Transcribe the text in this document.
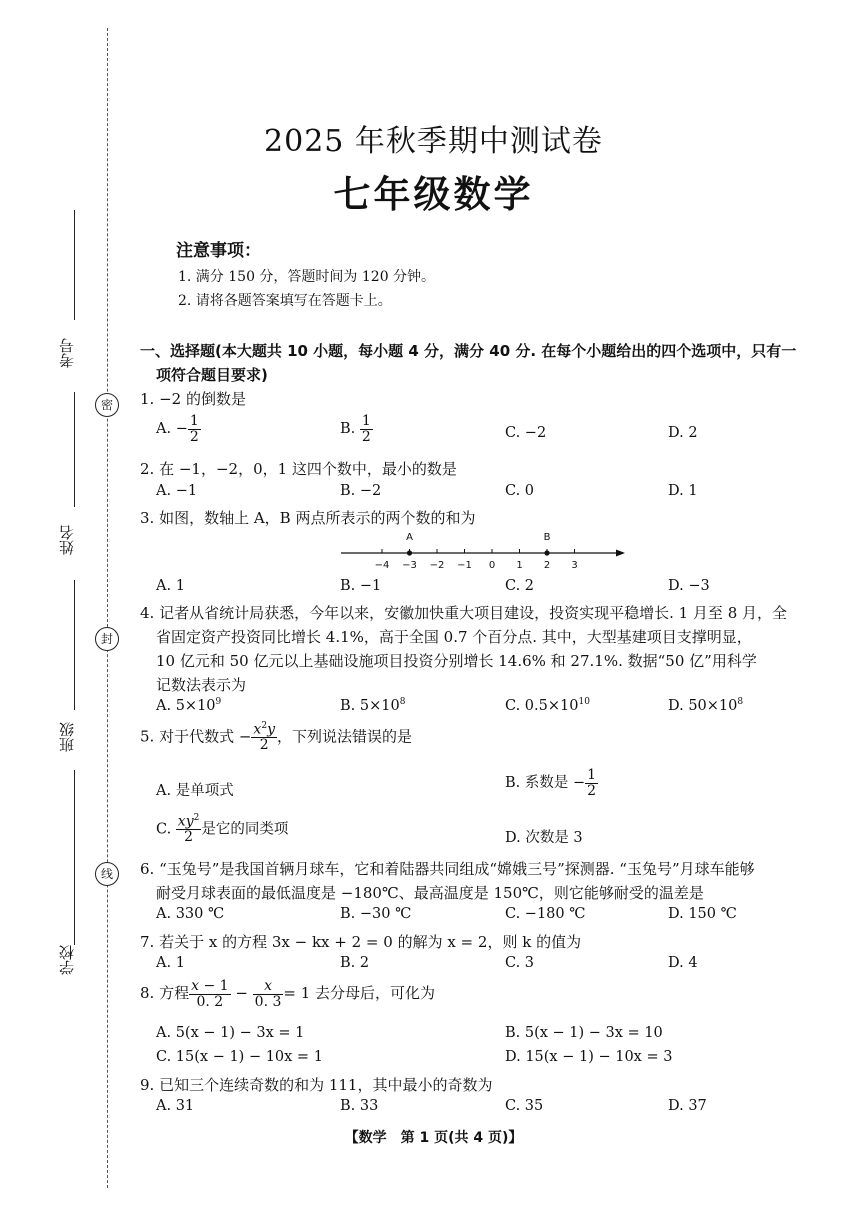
密
封
线
考号
姓名
班级
学校
2025 年秋季期中测试卷
七年级数学
注意事项：
1. 满分 150 分，答题时间为 120 分钟。
2. 请将各题答案填写在答题卡上。
一、选择题(本大题共 10 小题，每小题 4 分，满分 40 分. 在每个小题给出的四个选项中，只有一
项符合题目要求)
1. −2 的倒数是
A. − $\frac{1}{2}$	B. $\frac{1}{2}$	C. −2	D. 2
2. 在 −1，−2，0，1 这四个数中，最小的数是
A. −1	B. −2	C. 0	D. 1
3. 如图，数轴上 A，B 两点所表示的两个数的和为
−4 −3 −2 −1 0 1 2 3
A	B
A. 1	B. −1	C. 2	D. −3
4. 记者从省统计局获悉，今年以来，安徽加快重大项目建设，投资实现平稳增长. 1 月至 8 月，全
省固定资产投资同比增长 4.1%，高于全国 0.7 个百分点. 其中，大型基建项目支撑明显，
10 亿元和 50 亿元以上基础设施项目投资分别增长 14.6% 和 27.1%. 数据“50 亿”用科学
记数法表示为
A. $5\times 10^9$	B. $5\times 10^8$	C. $0.5\times 10^{10}$	D. $50\times 10^8$
5. 对于代数式 − $\frac{x^2y}{2}$ ，下列说法错误的是
A. 是单项式	B. 系数是 − $\frac{1}{2}$
C. $\frac{xy^2}{2}$ 是它的同类项
D. 次数是 3
6. “玉兔号”是我国首辆月球车，它和着陆器共同组成“嫦娥三号”探测器. “玉兔号”月球车能够
耐受月球表面的最低温度是 −180℃、最高温度是 150℃，则它能够耐受的温差是
A. 330 ℃	B. −30 ℃	C. −180 ℃	D. 150 ℃
7. 若关于 x 的方程 3x − kx + 2 = 0 的解为 x = 2，则 k 的值为
A. 1	B. 2	C. 3	D. 4
8. 方程 $\frac{x - 1}{0. 2} - \frac{x}{0. 3} = 1$ 去分母后，可化为
A. 5(x − 1) − 3x = 1	B. 5(x − 1) − 3x = 10
C. 15(x − 1) − 10x = 1	D. 15(x − 1) − 10x = 3
9. 已知三个连续奇数的和为 111，其中最小的奇数为
A. 31	B. 33	C. 35	D. 37
【数学　第 1 页(共 4 页)】
